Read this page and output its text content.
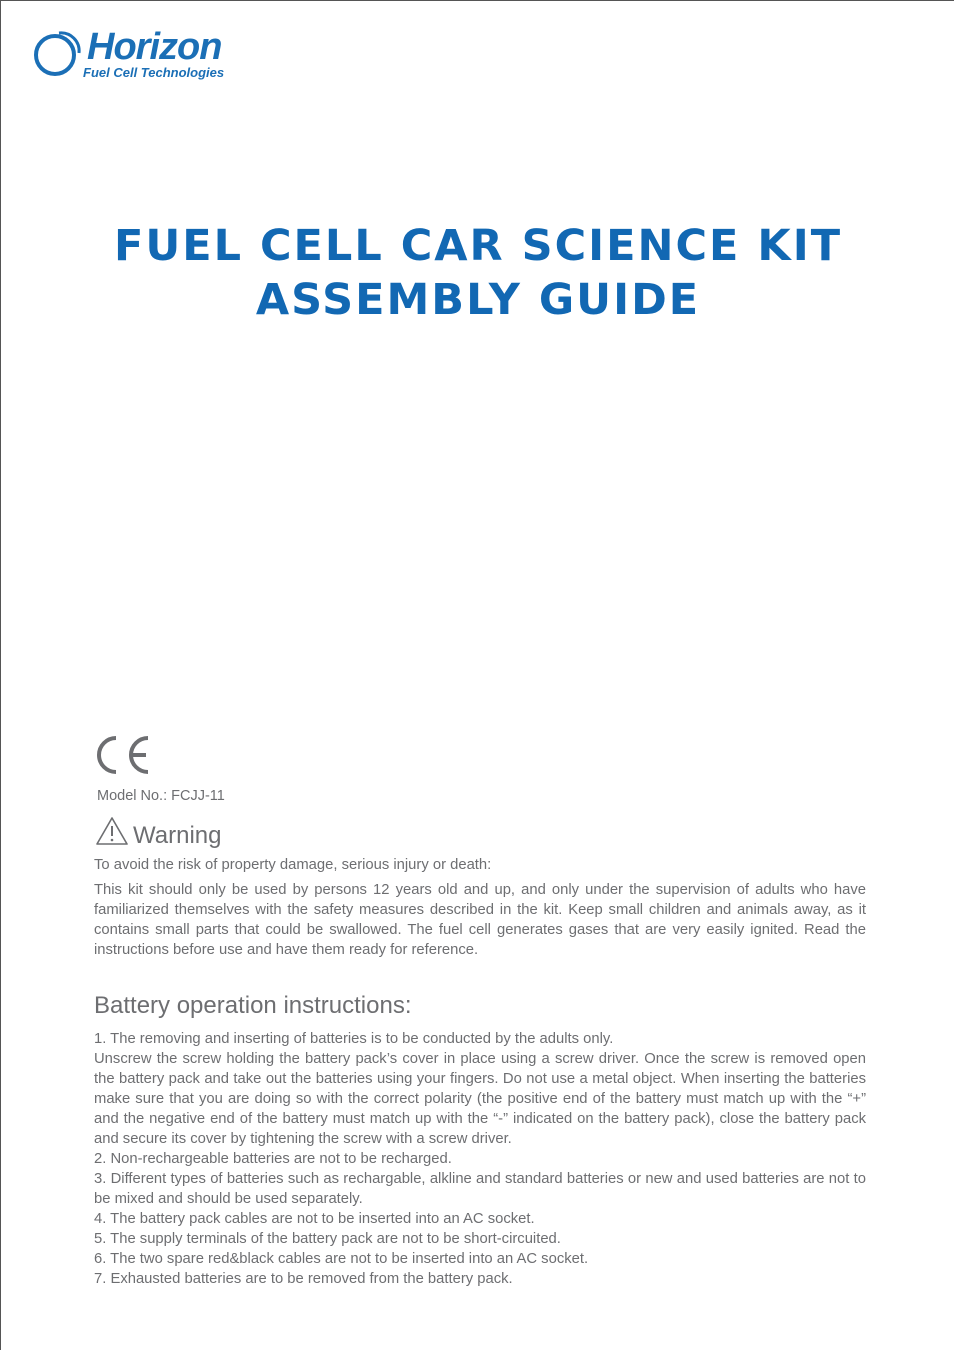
Horizon
Fuel Cell Technologies
FUEL CELL CAR SCIENCE KIT
ASSEMBLY GUIDE
Model No.: FCJJ-11
Warning
To avoid the risk of property damage, serious injury or death:
This kit should only be used by persons 12 years old and up, and only under the supervision of adults who have familiarized themselves with the safety measures described in the kit. Keep small children and animals away, as it contains small parts that could be swallowed. The fuel cell generates gases that are very easily ignited. Read the instructions before use and have them ready for reference.
Battery operation instructions:

1. The removing and inserting of batteries is to be conducted by the adults only.

Unscrew the screw holding the battery pack’s cover in place using a screw driver. Once the screw is removed open the battery pack and take out the batteries using your fingers. Do not use a metal object. When inserting the batteries make sure that you are doing so with the correct polarity (the positive end of the battery must match up with the “+” and the negative end of the battery must match up with the “-” indicated on the battery pack), close the battery pack and secure its cover by tightening the screw with a screw driver.

2. Non-rechargeable batteries are not to be recharged.

3. Different types of batteries such as rechargable, alkline and standard batteries or new and used batteries are not to be mixed and should be used separately.

4. The battery pack cables are not to be inserted into an AC socket.

5. The supply terminals of the battery pack are not to be short-circuited.

6. The two spare red&black cables are not to be inserted into an AC socket.

7. Exhausted batteries are to be removed from the battery pack.
